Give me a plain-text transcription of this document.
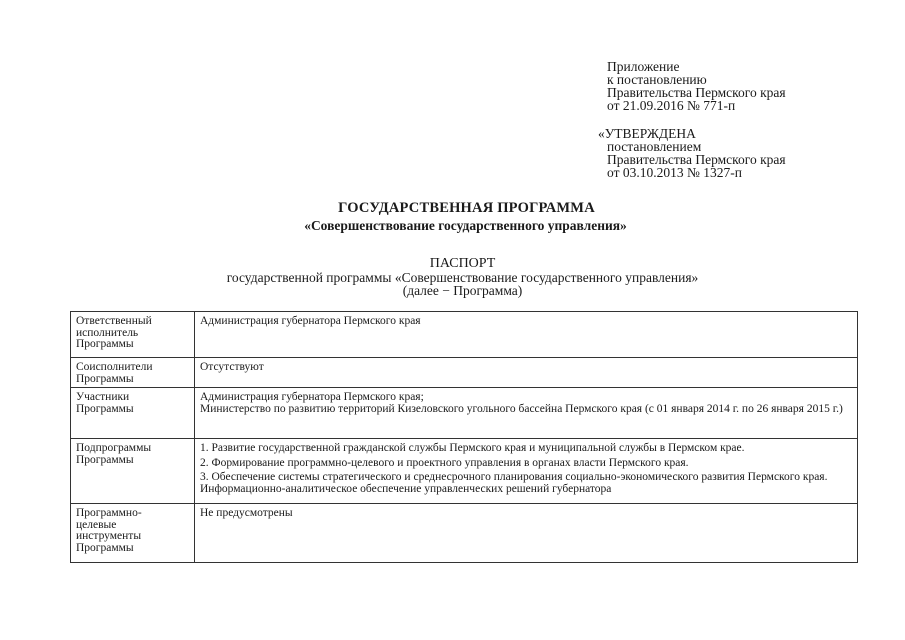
Приложение
к постановлению
Правительства Пермского края
от 21.09.2016 № 771-п
«УТВЕРЖДЕНА
постановлением
Правительства Пермского края
от 03.10.2013 № 1327-п
ГОСУДАРСТВЕННАЯ ПРОГРАММА
«Совершенствование государственного управления»
ПАСПОРТ
государственной программы «Совершенствование государственного управления»
(далее − Программа)
Ответственный
исполнитель
Программы	Администрация губернатора Пермского края

Соисполнители
Программы	Отсутствуют

Участники
Программы	Администрация губернатора Пермского края;
Министерство по развитию территорий Кизеловского угольного бассейна Пермского края (с 01 января 2014 г. по 26 января 2015 г.)

Подпрограммы
Программы	1. Развитие государственной гражданской службы Пермского края и муниципальной службы в Пермском крае.
2. Формирование программно-целевого и проектного управления в органах власти Пермского края.
3. Обеспечение системы стратегического и среднесрочного планирования социально-экономического развития Пермского края. Информационно-аналитическое обеспечение управленческих решений губернатора

Программно-
целевые
инструменты
Программы	Не предусмотрены
